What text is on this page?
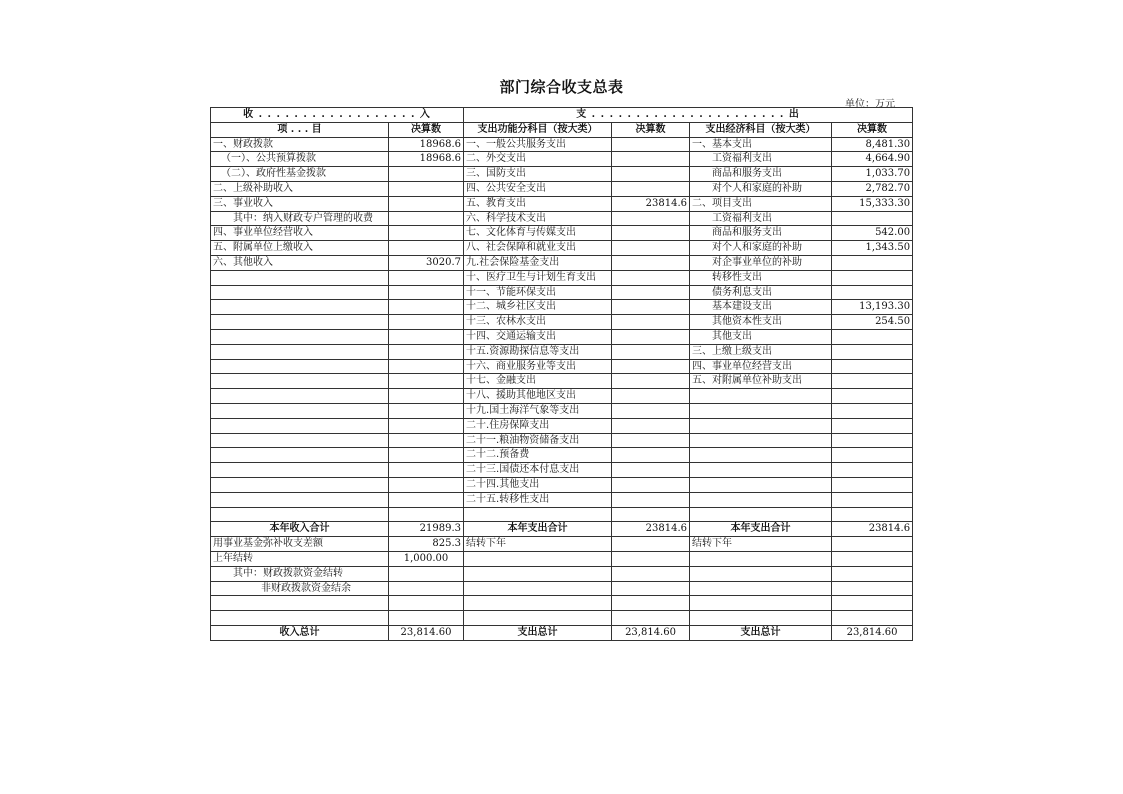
部门综合收支总表
单位：万元
收 . . . . . . . . . . . . . . . . . . 入		支 . . . . . . . . . . . . . . . . . . . . . . 出			
项 . . . 目	决算数	支出功能分科目（按大类）	决算数	支出经济科目（按大类）	决算数
一、财政拨款	18968.6	一、一般公共服务支出		一、基本支出	8,481.30
（一）、公共预算拨款	18968.6	二、外交支出		工资福利支出	4,664.90
（二）、政府性基金拨款		三、国防支出		商品和服务支出	1,033.70
二、上级补助收入		四、公共安全支出		对个人和家庭的补助	2,782.70
三、事业收入		五、教育支出	23814.6	二、项目支出	15,333.30
其中：纳入财政专户管理的收费		六、科学技术支出		工资福利支出	
四、事业单位经营收入		七、文化体育与传媒支出		商品和服务支出	542.00
五、附属单位上缴收入		八、社会保障和就业支出		对个人和家庭的补助	1,343.50
六、其他收入	3020.7	九.社会保险基金支出		对企事业单位的补助	
		十、医疗卫生与计划生育支出		转移性支出	
		十一、节能环保支出		债务利息支出	
		十二、城乡社区支出		基本建设支出	13,193.30
		十三、农林水支出		其他资本性支出	254.50
		十四、交通运输支出		其他支出	
		十五.资源勘探信息等支出		三、上缴上级支出	
		十六、商业服务业等支出		四、事业单位经营支出	
		十七、金融支出		五、对附属单位补助支出	
		十八、援助其他地区支出			
		十九.国土海洋气象等支出			
		二十.住房保障支出			
		二十一.粮油物资储备支出			
		二十二.预备费			
		二十三.国债还本付息支出			
		二十四.其他支出			
		二十五.转移性支出			

本年收入合计	21989.3	本年支出合计	23814.6	本年支出合计	23814.6
用事业基金弥补收支差额	825.3	结转下年		结转下年	
上年结转	1,000.00				
其中：财政拨款资金结转					
非财政拨款资金结余					

收入总计	23,814.60	支出总计	23,814.60	支出总计	23,814.60
